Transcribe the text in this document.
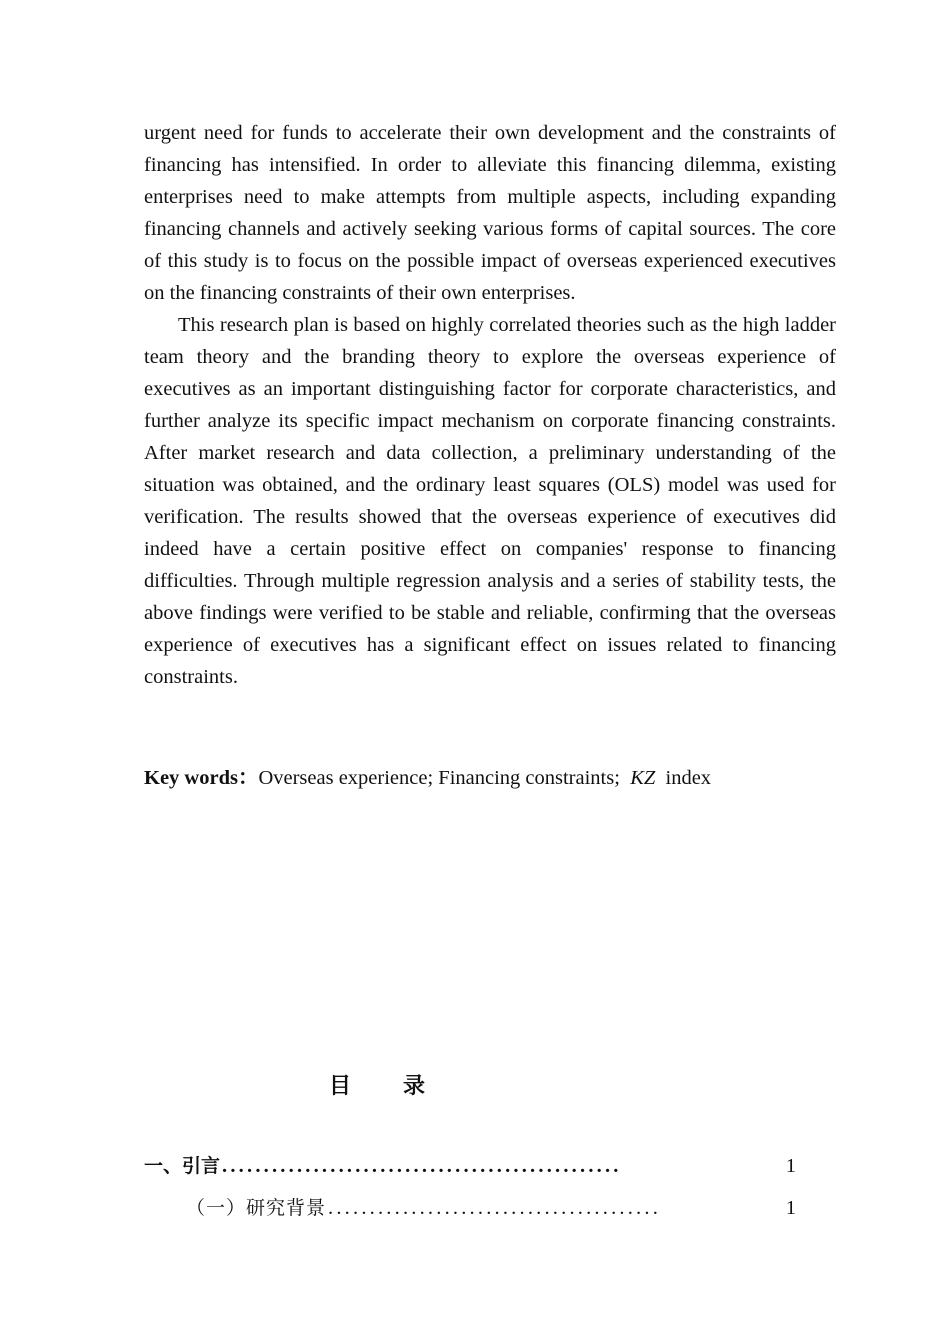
urgent need for funds to accelerate their own development and the constraints of financing has intensified. In order to alleviate this financing dilemma, existing enterprises need to make attempts from multiple aspects, including expanding financing channels and actively seeking various forms of capital sources. The core of this study is to focus on the possible impact of overseas experienced executives on the financing constraints of their own enterprises.

This research plan is based on highly correlated theories such as the high ladder team theory and the branding theory to explore the overseas experience of executives as an important distinguishing factor for corporate characteristics, and further analyze its specific impact mechanism on corporate financing constraints. After market research and data collection, a preliminary understanding of the situation was obtained, and the ordinary least squares (OLS) model was used for verification. The results showed that the overseas experience of executives did indeed have a certain positive effect on companies' response to financing difficulties. Through multiple regression analysis and a series of stability tests, the above findings were verified to be stable and reliable, confirming that the overseas experience of executives has a significant effect on issues related to financing constraints.

Key words：Overseas experience; Financing constraints;  KZ index
目 录
一、引言 ................................................	1
（一）研究背景 ........................................	1
